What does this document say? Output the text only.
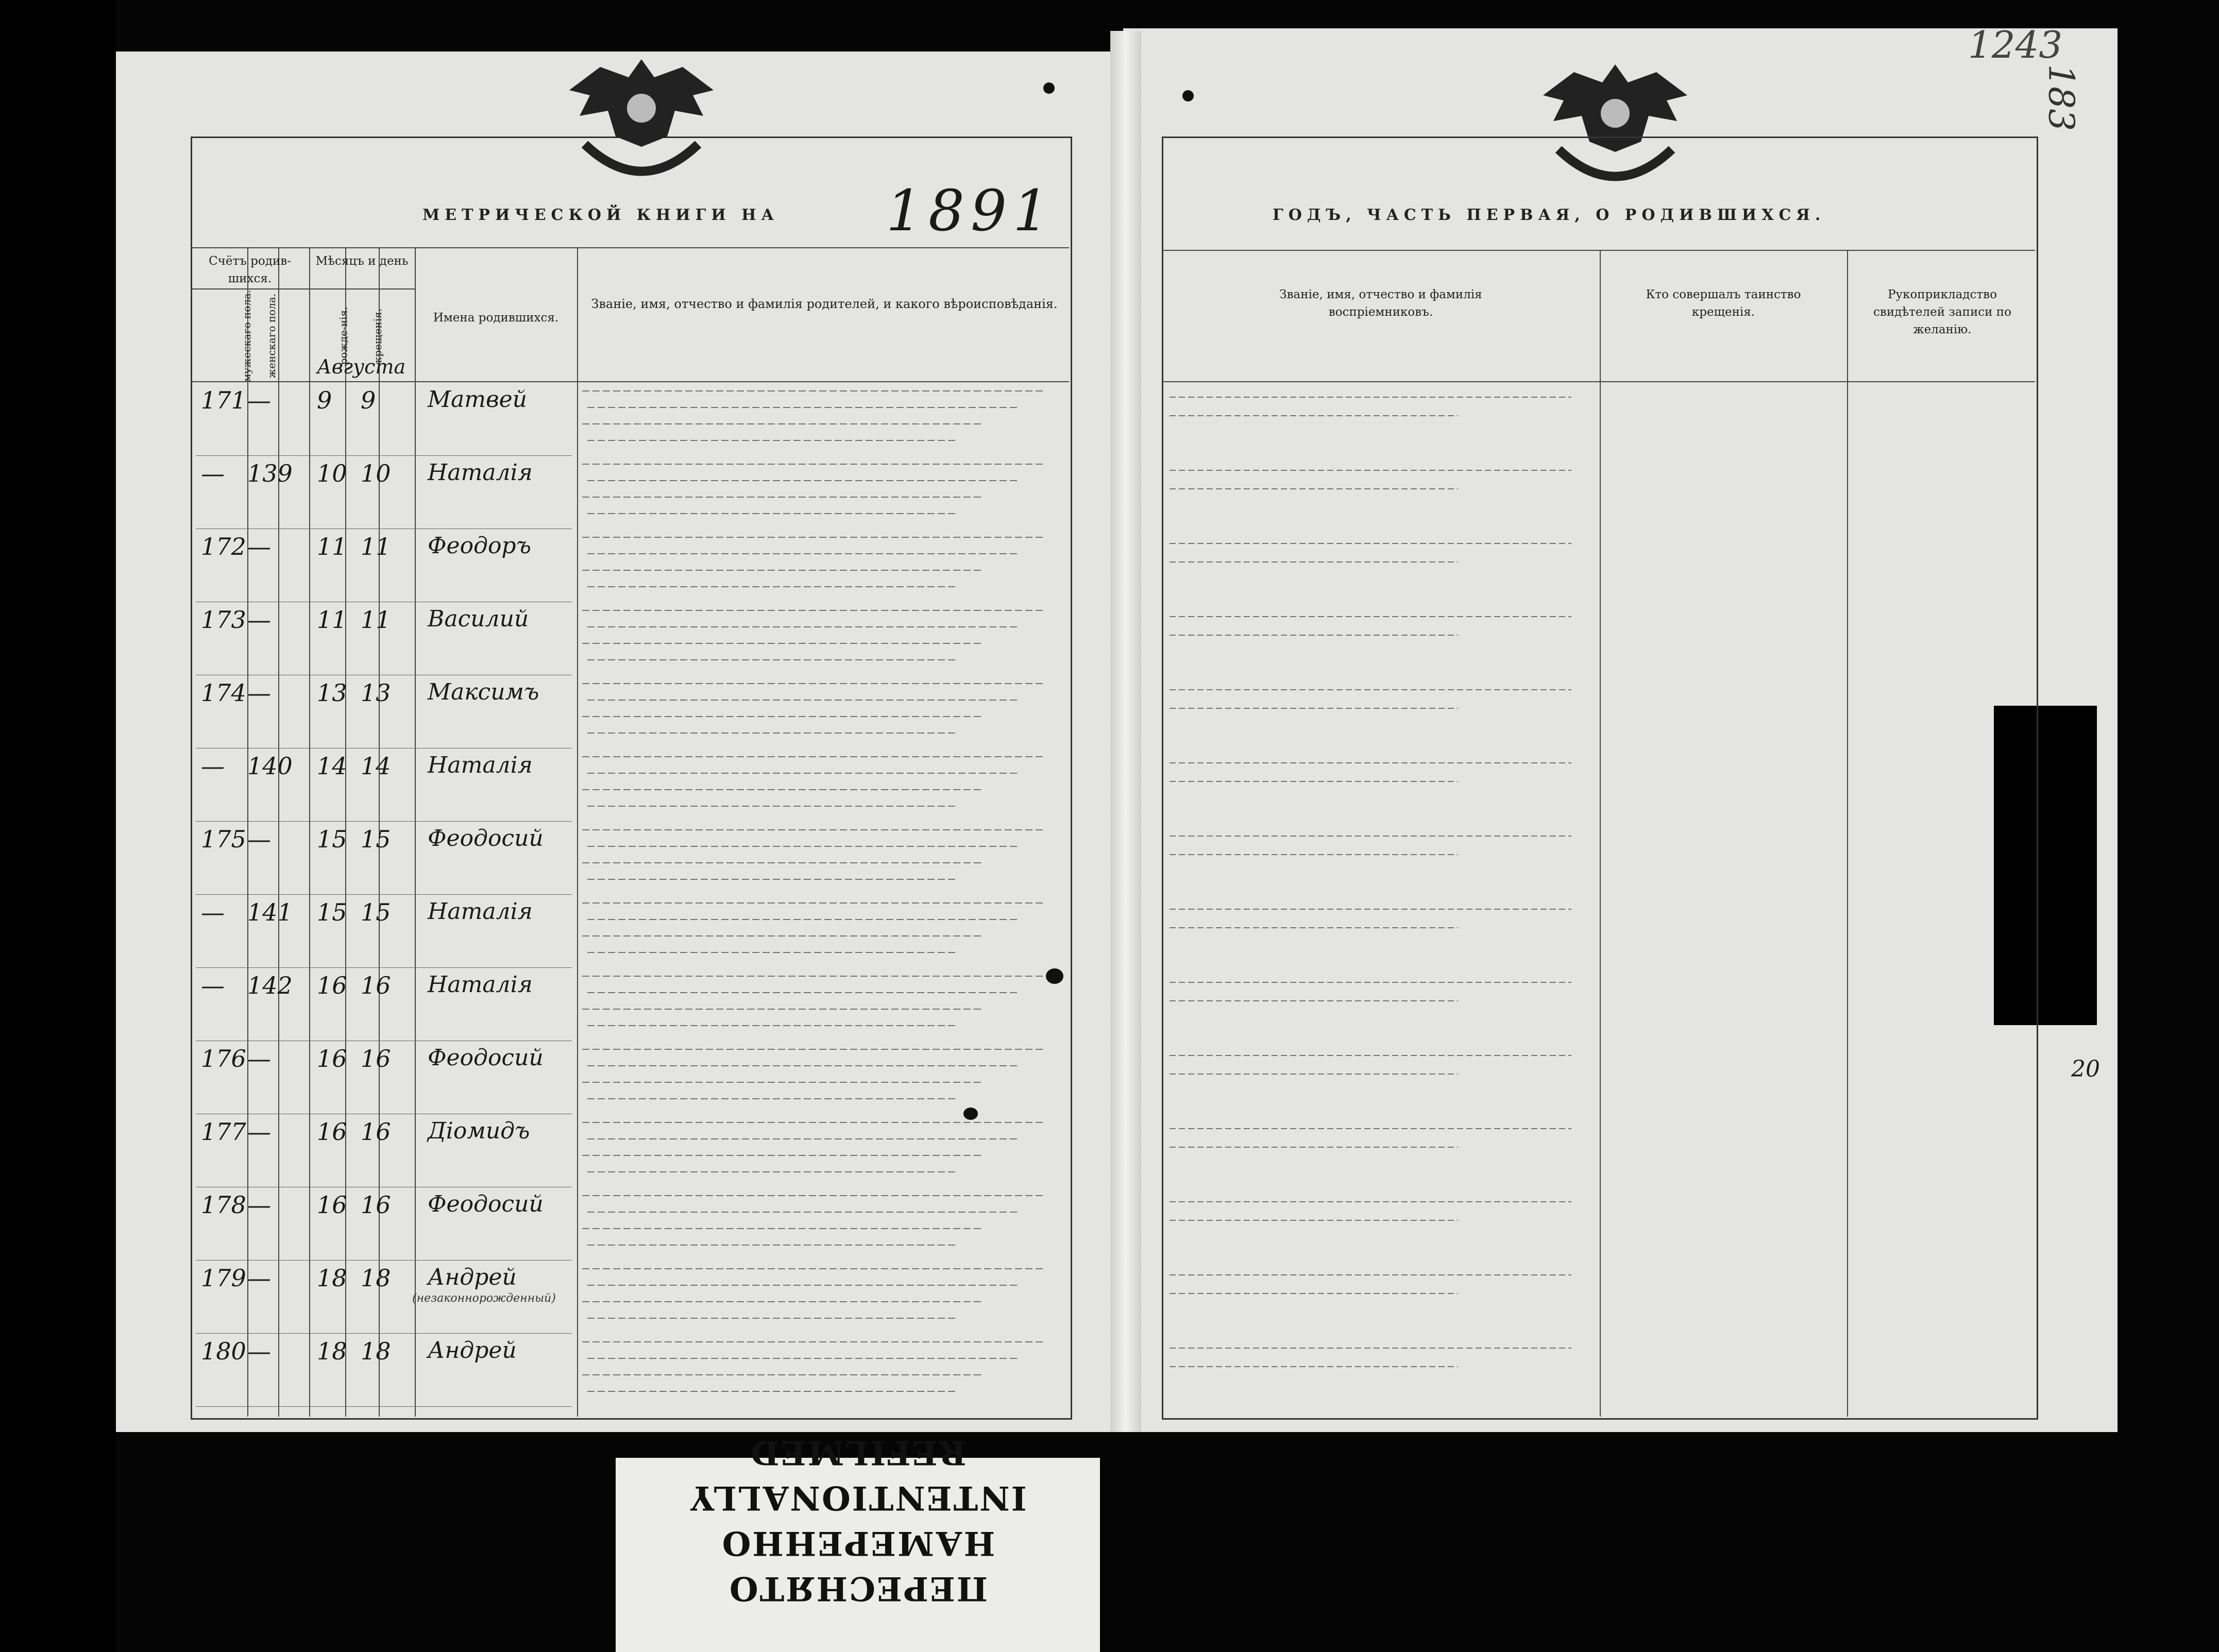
МЕТРИЧЕСКОЙ КНИГИ НА 1891
Счётъ родив-шихся.
Мѣсяцъ и день
мужескаго пола. женскаго пола.	рожде-нія. крещенія.	Имена родившихся.
Званіе, имя, отчество и фамилія родителей, и какого вѣроисповѣданія.
Августа
171 — 9 9 Матвей
— 139 10 10 Наталія
172 — 11 11 Феодоръ
173 — 11 11 Василий
174 — 13 13 Максимъ
— 140 14 14 Наталія
175 — 15 15 Феодосий
— 141 15 15 Наталія
— 142 16 16 Наталія
176 — 16 16 Феодосий
177 — 16 16 Діомидъ
178 — 16 16 Феодосий
179 — 18 18 Андрей
(незаконнорожденный)
180 — 18 18 Андрей
ГОДЪ, ЧАСТЬ ПЕРВАЯ, О РОДИВШИХСЯ.
Званіе, имя, отчество и фамилія воспріемниковъ.
Кто совершалъ таинство крещенія.
Рукоприкладство свидѣтелей записи по желанію.
1243
183
20
ПЕРЕСНЯТО НАМЕРЕННО
INTENTIONALLY REFILMED
